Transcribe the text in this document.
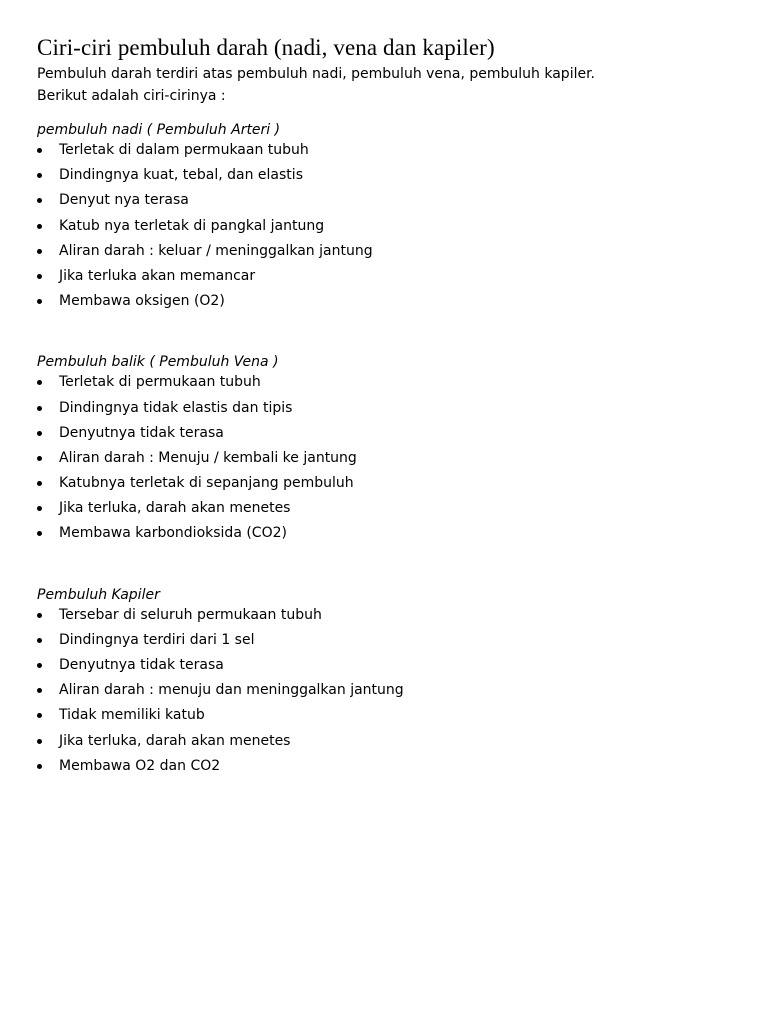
Ciri-ciri pembuluh darah (nadi, vena dan kapiler)

Pembuluh darah terdiri atas pembuluh nadi, pembuluh vena, pembuluh kapiler.

Berikut adalah ciri-cirinya :

pembuluh nadi ( Pembuluh Arteri )
Terletak di dalam permukaan tubuh
Dindingnya kuat, tebal, dan elastis
Denyut nya terasa
Katub nya terletak di pangkal jantung
Aliran darah : keluar / meninggalkan jantung
Jika terluka akan memancar
Membawa oksigen (O2)
Pembuluh balik ( Pembuluh Vena )
Terletak di permukaan tubuh
Dindingnya tidak elastis dan tipis
Denyutnya tidak terasa
Aliran darah : Menuju / kembali ke jantung
Katubnya terletak di sepanjang pembuluh
Jika terluka, darah akan menetes
Membawa karbondioksida (CO2)
Pembuluh Kapiler
Tersebar di seluruh permukaan tubuh
Dindingnya terdiri dari 1 sel
Denyutnya tidak terasa
Aliran darah : menuju dan meninggalkan jantung
Tidak memiliki katub
Jika terluka, darah akan menetes
Membawa O2 dan CO2
